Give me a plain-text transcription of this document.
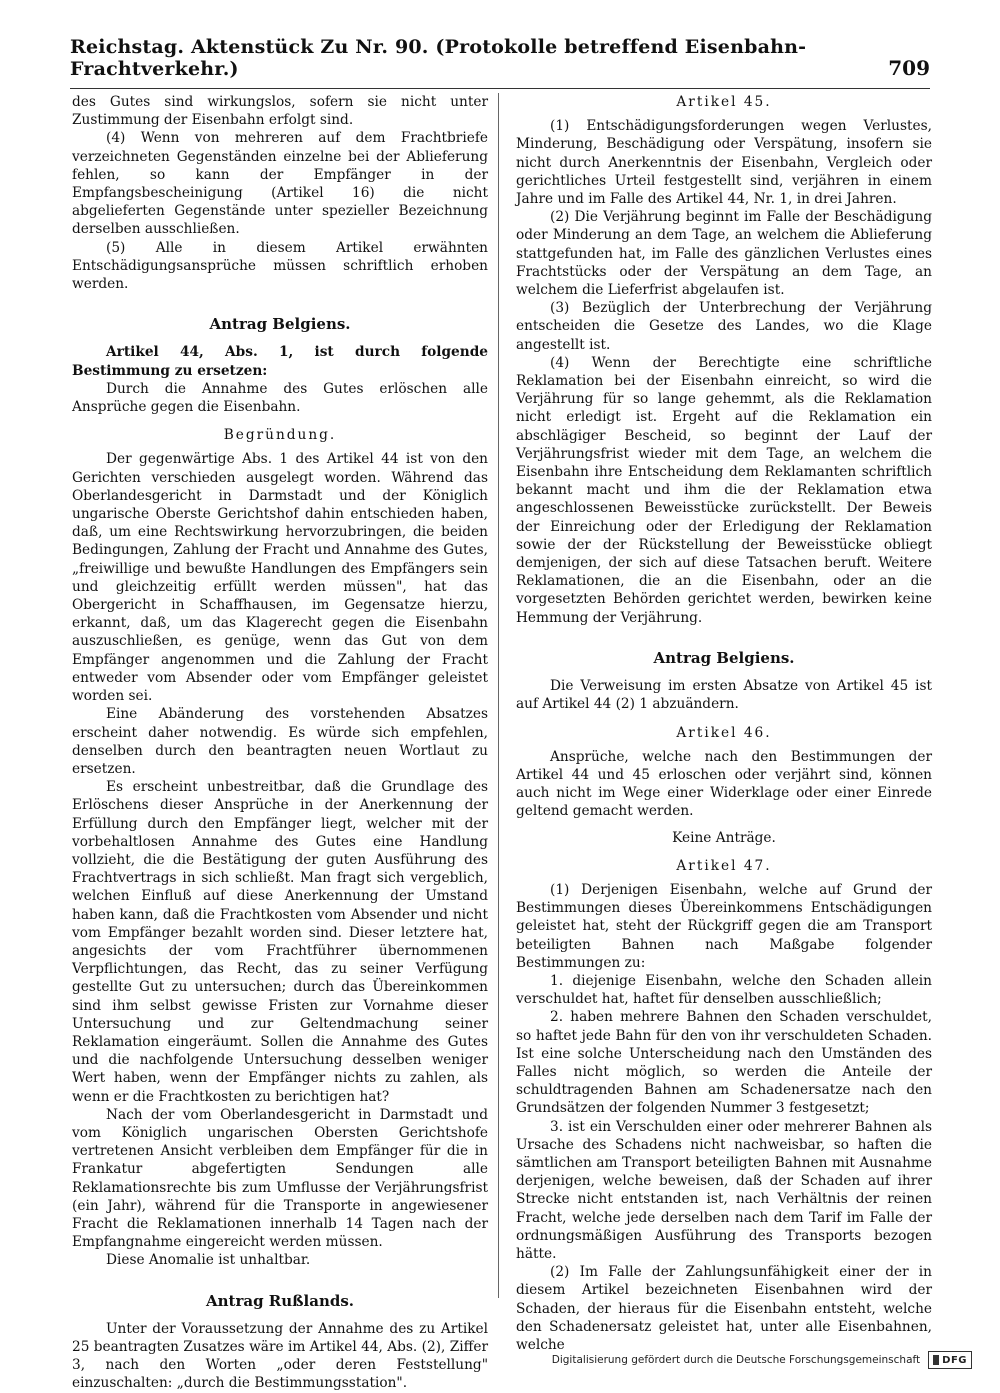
Reichstag. Aktenstück Zu Nr. 90. (Protokolle betreffend Eisenbahn-Frachtverkehr.)	709

des Gutes sind wirkungslos, sofern sie nicht unter Zustimmung der Eisenbahn erfolgt sind.

(4) Wenn von mehreren auf dem Frachtbriefe verzeichneten Gegenständen einzelne bei der Ablieferung fehlen, so kann der Empfänger in der Empfangsbescheinigung (Artikel 16) die nicht abgelieferten Gegenstände unter spezieller Bezeichnung derselben ausschließen.

(5) Alle in diesem Artikel erwähnten Entschädigungsansprüche müssen schriftlich erhoben werden.

Antrag Belgiens.

Artikel 44, Abs. 1, ist durch folgende Bestimmung zu ersetzen:

Durch die Annahme des Gutes erlöschen alle Ansprüche gegen die Eisenbahn.

Begründung.

Der gegenwärtige Abs. 1 des Artikel 44 ist von den Gerichten verschieden ausgelegt worden. Während das Oberlandesgericht in Darmstadt und der Königlich ungarische Oberste Gerichtshof dahin entschieden haben, daß, um eine Rechtswirkung hervorzubringen, die beiden Bedingungen, Zahlung der Fracht und Annahme des Gutes, „freiwillige und bewußte Handlungen des Empfängers sein und gleichzeitig erfüllt werden müssen", hat das Obergericht in Schaffhausen, im Gegensatze hierzu, erkannt, daß, um das Klagerecht gegen die Eisenbahn auszuschließen, es genüge, wenn das Gut von dem Empfänger angenommen und die Zahlung der Fracht entweder vom Absender oder vom Empfänger geleistet worden sei.

Eine Abänderung des vorstehenden Absatzes erscheint daher notwendig. Es würde sich empfehlen, denselben durch den beantragten neuen Wortlaut zu ersetzen.

Es erscheint unbestreitbar, daß die Grundlage des Erlöschens dieser Ansprüche in der Anerkennung der Erfüllung durch den Empfänger liegt, welcher mit der vorbehaltlosen Annahme des Gutes eine Handlung vollzieht, die die Bestätigung der guten Ausführung des Frachtvertrags in sich schließt. Man fragt sich vergeblich, welchen Einfluß auf diese Anerkennung der Umstand haben kann, daß die Frachtkosten vom Absender und nicht vom Empfänger bezahlt worden sind. Dieser letztere hat, angesichts der vom Frachtführer übernommenen Verpflichtungen, das Recht, das zu seiner Verfügung gestellte Gut zu untersuchen; durch das Übereinkommen sind ihm selbst gewisse Fristen zur Vornahme dieser Untersuchung und zur Geltendmachung seiner Reklamation eingeräumt. Sollen die Annahme des Gutes und die nachfolgende Untersuchung desselben weniger Wert haben, wenn der Empfänger nichts zu zahlen, als wenn er die Frachtkosten zu berichtigen hat?

Nach der vom Oberlandesgericht in Darmstadt und vom Königlich ungarischen Obersten Gerichtshofe vertretenen Ansicht verbleiben dem Empfänger für die in Frankatur abgefertigten Sendungen alle Reklamationsrechte bis zum Umflusse der Verjährungsfrist (ein Jahr), während für die Transporte in angewiesener Fracht die Reklamationen innerhalb 14 Tagen nach der Empfangnahme eingereicht werden müssen.

Diese Anomalie ist unhaltbar.

Antrag Rußlands.

Unter der Voraussetzung der Annahme des zu Artikel 25 beantragten Zusatzes wäre im Artikel 44, Abs. (2), Ziffer 3, nach den Worten „oder deren Feststellung" einzuschalten: „durch die Bestimmungsstation".

Artikel 45.

(1) Entschädigungsforderungen wegen Verlustes, Minderung, Beschädigung oder Verspätung, insofern sie nicht durch Anerkenntnis der Eisenbahn, Vergleich oder gerichtliches Urteil festgestellt sind, verjähren in einem Jahre und im Falle des Artikel 44, Nr. 1, in drei Jahren.

(2) Die Verjährung beginnt im Falle der Beschädigung oder Minderung an dem Tage, an welchem die Ablieferung stattgefunden hat, im Falle des gänzlichen Verlustes eines Frachtstücks oder der Verspätung an dem Tage, an welchem die Lieferfrist abgelaufen ist.

(3) Bezüglich der Unterbrechung der Verjährung entscheiden die Gesetze des Landes, wo die Klage angestellt ist.

(4) Wenn der Berechtigte eine schriftliche Reklamation bei der Eisenbahn einreicht, so wird die Verjährung für so lange gehemmt, als die Reklamation nicht erledigt ist. Ergeht auf die Reklamation ein abschlägiger Bescheid, so beginnt der Lauf der Verjährungsfrist wieder mit dem Tage, an welchem die Eisenbahn ihre Entscheidung dem Reklamanten schriftlich bekannt macht und ihm die der Reklamation etwa angeschlossenen Beweisstücke zurückstellt. Der Beweis der Einreichung oder der Erledigung der Reklamation sowie der der Rückstellung der Beweisstücke obliegt demjenigen, der sich auf diese Tatsachen beruft. Weitere Reklamationen, die an die Eisenbahn, oder an die vorgesetzten Behörden gerichtet werden, bewirken keine Hemmung der Verjährung.

Antrag Belgiens.

Die Verweisung im ersten Absatze von Artikel 45 ist auf Artikel 44 (2) 1 abzuändern.

Artikel 46.

Ansprüche, welche nach den Bestimmungen der Artikel 44 und 45 erloschen oder verjährt sind, können auch nicht im Wege einer Widerklage oder einer Einrede geltend gemacht werden.

Keine Anträge.
Artikel 47.

(1) Derjenigen Eisenbahn, welche auf Grund der Bestimmungen dieses Übereinkommens Entschädigungen geleistet hat, steht der Rückgriff gegen die am Transport beteiligten Bahnen nach Maßgabe folgender Bestimmungen zu:

1. diejenige Eisenbahn, welche den Schaden allein verschuldet hat, haftet für denselben ausschließlich;

2. haben mehrere Bahnen den Schaden verschuldet, so haftet jede Bahn für den von ihr verschuldeten Schaden. Ist eine solche Unterscheidung nach den Umständen des Falles nicht möglich, so werden die Anteile der schuldtragenden Bahnen am Schadenersatze nach den Grundsätzen der folgenden Nummer 3 festgesetzt;

3. ist ein Verschulden einer oder mehrerer Bahnen als Ursache des Schadens nicht nachweisbar, so haften die sämtlichen am Transport beteiligten Bahnen mit Ausnahme derjenigen, welche beweisen, daß der Schaden auf ihrer Strecke nicht entstanden ist, nach Verhältnis der reinen Fracht, welche jede derselben nach dem Tarif im Falle der ordnungsmäßigen Ausführung des Transports bezogen hätte.

(2) Im Falle der Zahlungsunfähigkeit einer der in diesem Artikel bezeichneten Eisenbahnen wird der Schaden, der hieraus für die Eisenbahn entsteht, welche den Schadenersatz geleistet hat, unter alle Eisenbahnen, welche

Digitalisierung gefördert durch die Deutsche Forschungsgemeinschaft DFG
